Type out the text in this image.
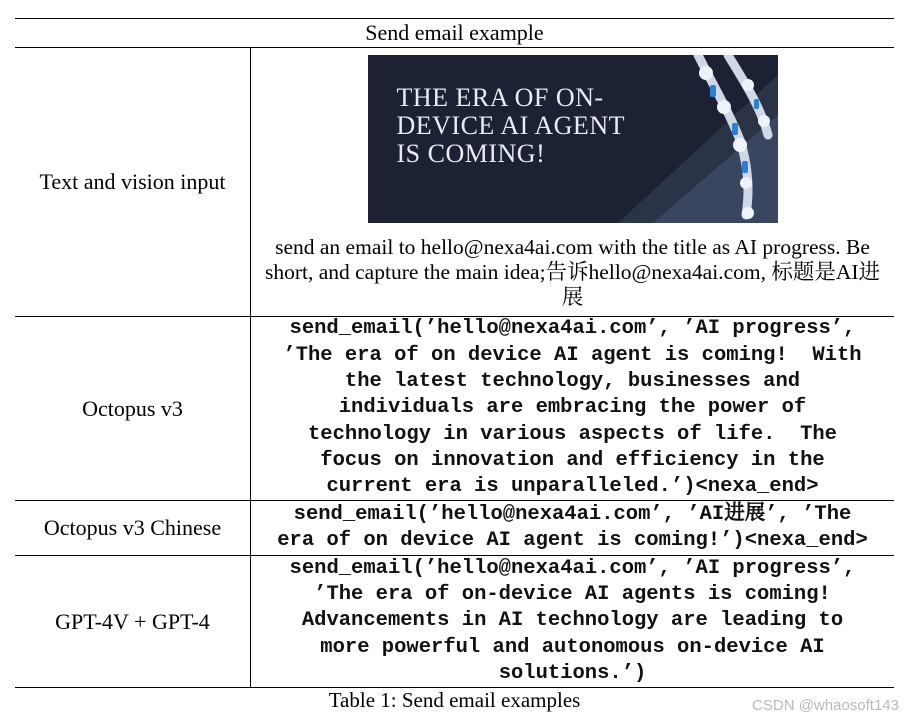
Send email example
Text and vision input
THE ERA OF ON-
DEVICE AI AGENT
IS COMING!
send an email to hello@nexa4ai.com with the title as AI progress. Be short, and capture the main idea;告诉hello@nexa4ai.com, 标题是AI进展
Octopus v3
send_email(’hello@nexa4ai.com’, ’AI progress’,
’The era of on device AI agent is coming!  With
the latest technology, businesses and
individuals are embracing the power of
technology in various aspects of life.  The
focus on innovation and efficiency in the
current era is unparalleled.’)<nexa_end>
Octopus v3 Chinese
send_email(’hello@nexa4ai.com’, ’AI进展’, ’The
era of on device AI agent is coming!’)<nexa_end>
GPT-4V + GPT-4
send_email(’hello@nexa4ai.com’, ’AI progress’,
’The era of on-device AI agents is coming!
Advancements in AI technology are leading to
more powerful and autonomous on-device AI
solutions.’)
Table 1: Send email examples	CSDN @whaosoft143
